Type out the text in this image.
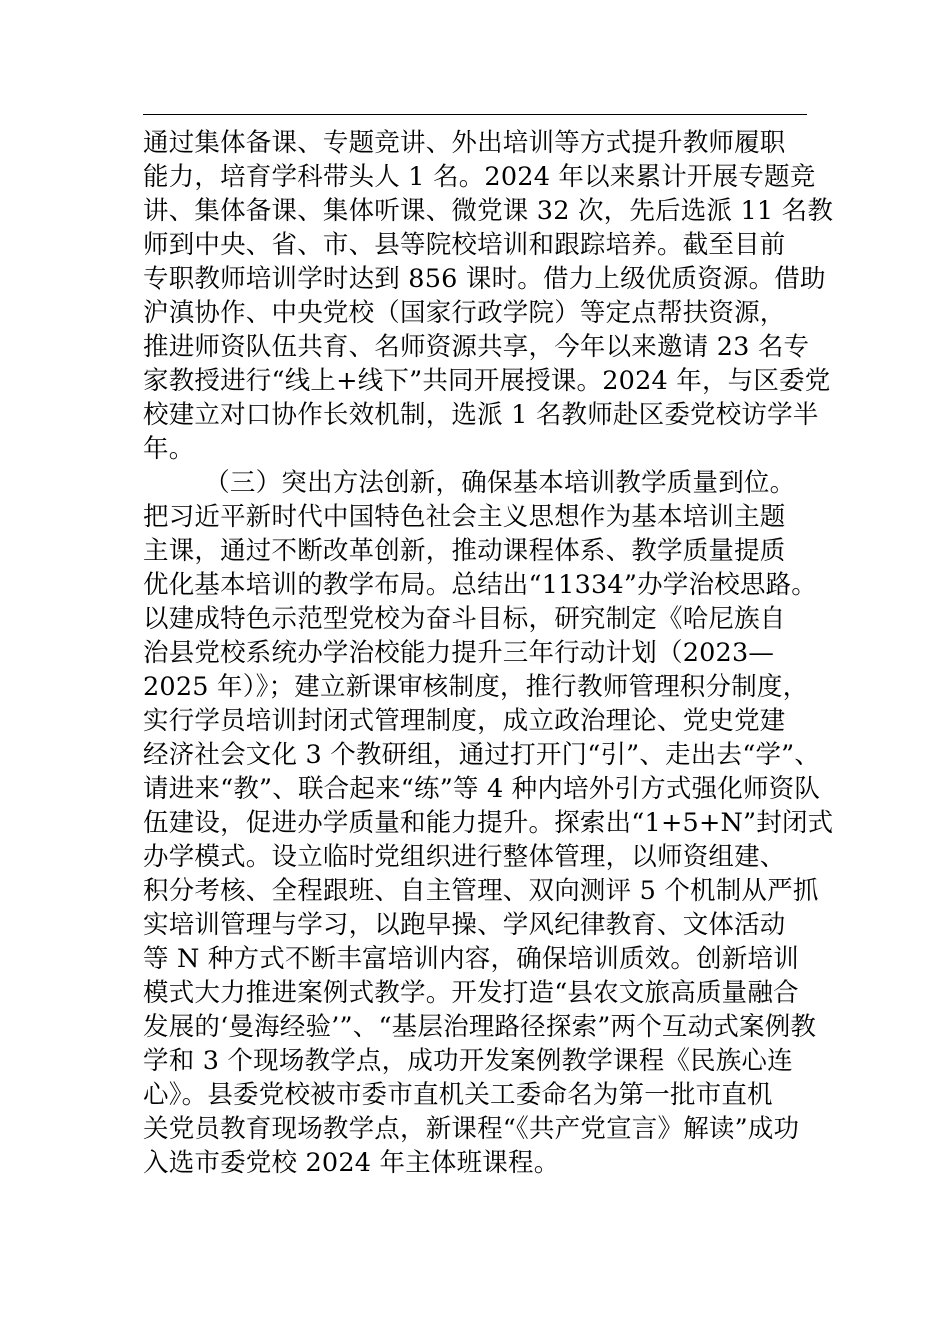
通过集体备课、专题竞讲、外出培训等方式提升教师履职
能力，培育学科带头人 1 名。2024 年以来累计开展专题竞
讲、集体备课、集体听课、微党课 32 次，先后选派 11 名教
师到中央、省、市、县等院校培训和跟踪培养。截至目前
专职教师培训学时达到 856 课时。借力上级优质资源。借助
沪滇协作、中央党校（国家行政学院）等定点帮扶资源，
推进师资队伍共育、名师资源共享，今年以来邀请 23 名专
家教授进行“线上+线下”共同开展授课。2024 年，与区委党
校建立对口协作长效机制，选派 1 名教师赴区委党校访学半
年。

（三）突出方法创新，确保基本培训教学质量到位。
把习近平新时代中国特色社会主义思想作为基本培训主题
主课，通过不断改革创新，推动课程体系、教学质量提质
优化基本培训的教学布局。总结出“11334”办学治校思路。
以建成特色示范型党校为奋斗目标，研究制定《哈尼族自
治县党校系统办学治校能力提升三年行动计划（2023—
2025 年）》；建立新课审核制度，推行教师管理积分制度，
实行学员培训封闭式管理制度，成立政治理论、党史党建
经济社会文化 3 个教研组，通过打开门“引”、走出去“学”、
请进来“教”、联合起来“练”等 4 种内培外引方式强化师资队
伍建设，促进办学质量和能力提升。探索出“1+5+N”封闭式
办学模式。设立临时党组织进行整体管理，以师资组建、
积分考核、全程跟班、自主管理、双向测评 5 个机制从严抓
实培训管理与学习，以跑早操、学风纪律教育、文体活动
等 N 种方式不断丰富培训内容，确保培训质效。创新培训
模式大力推进案例式教学。开发打造“县农文旅高质量融合
发展的‘曼海经验’”、“基层治理路径探索”两个互动式案例教
学和 3 个现场教学点，成功开发案例教学课程《民族心连
心》。县委党校被市委市直机关工委命名为第一批市直机
关党员教育现场教学点，新课程“《共产党宣言》解读”成功
入选市委党校 2024 年主体班课程。
